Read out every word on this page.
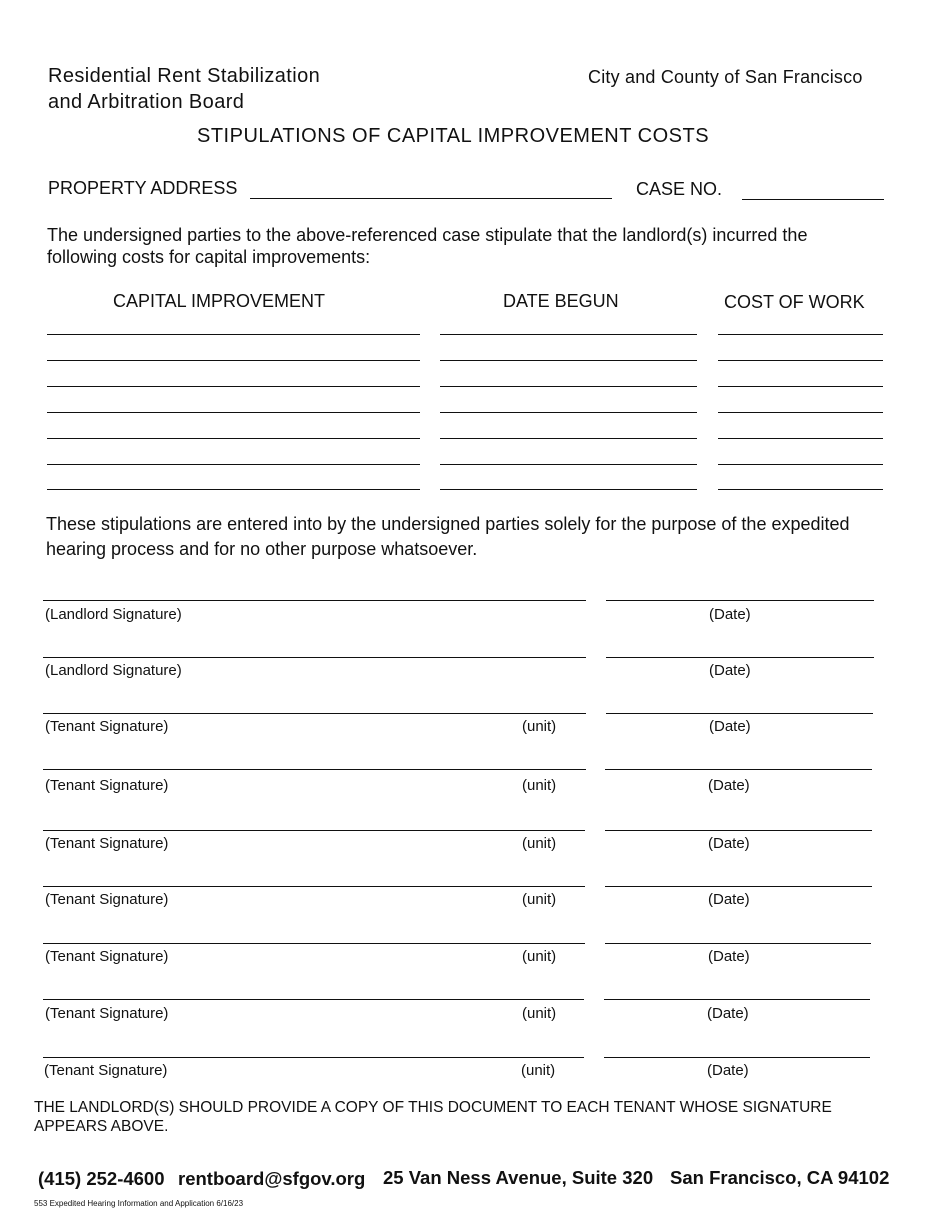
Residential Rent Stabilization
and Arbitration Board
City and County of San Francisco
STIPULATIONS OF CAPITAL IMPROVEMENT COSTS
PROPERTY ADDRESS	CASE NO.
The undersigned parties to the above-referenced case stipulate that the landlord(s) incurred the following costs for capital improvements:
CAPITAL IMPROVEMENT	DATE BEGUN	COST OF WORK
These stipulations are entered into by the undersigned parties solely for the purpose of the expedited hearing process and for no other purpose whatsoever.
(Landlord Signature)	(Date)
(Landlord Signature)	(Date)
(Tenant Signature)	(unit)	(Date)
(Tenant Signature)	(unit)	(Date)
(Tenant Signature)	(unit)	(Date)
(Tenant Signature)	(unit)	(Date)
(Tenant Signature)	(unit)	(Date)
(Tenant Signature)	(unit)	(Date)
(Tenant Signature)	(unit)	(Date)
THE LANDLORD(S) SHOULD PROVIDE A COPY OF THIS DOCUMENT TO EACH TENANT WHOSE SIGNATURE APPEARS ABOVE.
(415) 252-4600 rentboard@sfgov.org 25 Van Ness Avenue, Suite 320 San Francisco, CA 94102
553 Expedited Hearing Information and Application 6/16/23
